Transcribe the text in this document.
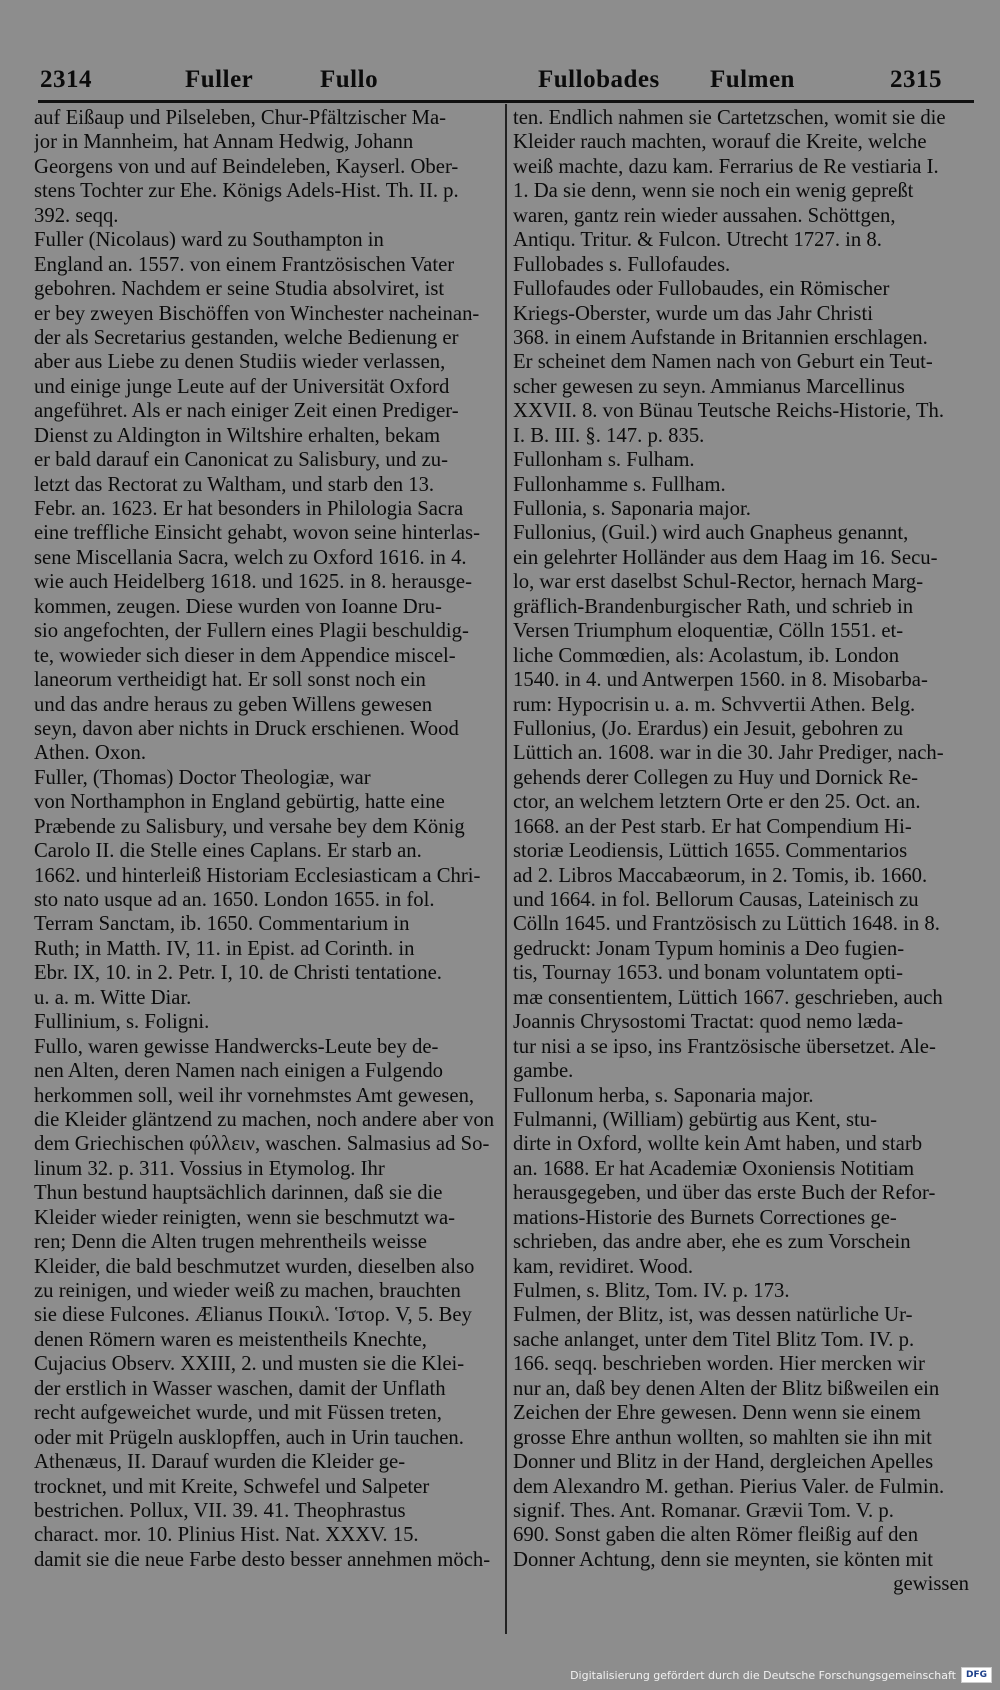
2314	Fuller	Fullo	Fullobades Fulmen	2315
auf Eißaup und Pilseleben, Chur-Pfältzischer Ma-
jor in Mannheim, hat Annam Hedwig, Johann
Georgens von und auf Beindeleben, Kayserl. Ober-
stens Tochter zur Ehe. Königs Adels-Hist. Th. II. p.
392. seqq.
Fuller (Nicolaus) ward zu Southampton in
England an. 1557. von einem Frantzösischen Vater
gebohren. Nachdem er seine Studia absolviret, ist
er bey zweyen Bischöffen von Winchester nacheinan-
der als Secretarius gestanden, welche Bedienung er
aber aus Liebe zu denen Studiis wieder verlassen,
und einige junge Leute auf der Universität Oxford
angeführet. Als er nach einiger Zeit einen Prediger-
Dienst zu Aldington in Wiltshire erhalten, bekam
er bald darauf ein Canonicat zu Salisbury, und zu-
letzt das Rectorat zu Waltham, und starb den 13.
Febr. an. 1623. Er hat besonders in Philologia Sacra
eine treffliche Einsicht gehabt, wovon seine hinterlas-
sene Miscellania Sacra, welch zu Oxford 1616. in 4.
wie auch Heidelberg 1618. und 1625. in 8. herausge-
kommen, zeugen. Diese wurden von Ioanne Dru-
sio angefochten, der Fullern eines Plagii beschuldig-
te, wowieder sich dieser in dem Appendice miscel-
laneorum vertheidigt hat. Er soll sonst noch ein
und das andre heraus zu geben Willens gewesen
seyn, davon aber nichts in Druck erschienen. Wood
Athen. Oxon.
Fuller, (Thomas) Doctor Theologiæ, war
von Northamphon in England gebürtig, hatte eine
Præbende zu Salisbury, und versahe bey dem König
Carolo II. die Stelle eines Caplans. Er starb an.
1662. und hinterleiß Historiam Ecclesiasticam a Chri-
sto nato usque ad an. 1650. London 1655. in fol.
Terram Sanctam, ib. 1650. Commentarium in
Ruth; in Matth. IV, 11. in Epist. ad Corinth. in
Ebr. IX, 10. in 2. Petr. I, 10. de Christi tentatione.
u. a. m. Witte Diar.
Fullinium, s. Foligni.
Fullo, waren gewisse Handwercks-Leute bey de-
nen Alten, deren Namen nach einigen a Fulgendo
herkommen soll, weil ihr vornehmstes Amt gewesen,
die Kleider gläntzend zu machen, noch andere aber von
dem Griechischen φύλλειν, waschen. Salmasius ad So-
linum 32. p. 311. Vossius in Etymolog. Ihr
Thun bestund hauptsächlich darinnen, daß sie die
Kleider wieder reinigten, wenn sie beschmutzt wa-
ren; Denn die Alten trugen mehrentheils weisse
Kleider, die bald beschmutzet wurden, dieselben also
zu reinigen, und wieder weiß zu machen, brauchten
sie diese Fulcones. Ælianus Ποικιλ. Ἱστορ. V, 5. Bey
denen Römern waren es meistentheils Knechte,
Cujacius Observ. XXIII, 2. und musten sie die Klei-
der erstlich in Wasser waschen, damit der Unflath
recht aufgeweichet wurde, und mit Füssen treten,
oder mit Prügeln ausklopffen, auch in Urin tauchen.
Athenæus, II. Darauf wurden die Kleider ge-
trocknet, und mit Kreite, Schwefel und Salpeter
bestrichen. Pollux, VII. 39. 41. Theophrastus
charact. mor. 10. Plinius Hist. Nat. XXXV. 15.
damit sie die neue Farbe desto besser annehmen möch-
ten. Endlich nahmen sie Cartetzschen, womit sie die
Kleider rauch machten, worauf die Kreite, welche
weiß machte, dazu kam. Ferrarius de Re vestiaria I.
1. Da sie denn, wenn sie noch ein wenig gepreßt
waren, gantz rein wieder aussahen. Schöttgen,
Antiqu. Tritur. & Fulcon. Utrecht 1727. in 8.
Fullobades s. Fullofaudes.
Fullofaudes oder Fullobaudes, ein Römischer
Kriegs-Oberster, wurde um das Jahr Christi
368. in einem Aufstande in Britannien erschlagen.
Er scheinet dem Namen nach von Geburt ein Teut-
scher gewesen zu seyn. Ammianus Marcellinus
XXVII. 8. von Bünau Teutsche Reichs-Historie, Th.
I. B. III. §. 147. p. 835.
Fullonham s. Fulham.
Fullonhamme s. Fullham.
Fullonia, s. Saponaria major.
Fullonius, (Guil.) wird auch Gnapheus genannt,
ein gelehrter Holländer aus dem Haag im 16. Secu-
lo, war erst daselbst Schul-Rector, hernach Marg-
gräflich-Brandenburgischer Rath, und schrieb in
Versen Triumphum eloquentiæ, Cölln 1551. et-
liche Commœdien, als: Acolastum, ib. London
1540. in 4. und Antwerpen 1560. in 8. Misobarba-
rum: Hypocrisin u. a. m. Schvvertii Athen. Belg.
Fullonius, (Jo. Erardus) ein Jesuit, gebohren zu
Lüttich an. 1608. war in die 30. Jahr Prediger, nach-
gehends derer Collegen zu Huy und Dornick Re-
ctor, an welchem letztern Orte er den 25. Oct. an.
1668. an der Pest starb. Er hat Compendium Hi-
storiæ Leodiensis, Lüttich 1655. Commentarios
ad 2. Libros Maccabæorum, in 2. Tomis, ib. 1660.
und 1664. in fol. Bellorum Causas, Lateinisch zu
Cölln 1645. und Frantzösisch zu Lüttich 1648. in 8.
gedruckt: Jonam Typum hominis a Deo fugien-
tis, Tournay 1653. und bonam voluntatem opti-
mæ consentientem, Lüttich 1667. geschrieben, auch
Joannis Chrysostomi Tractat: quod nemo læda-
tur nisi a se ipso, ins Frantzösische übersetzet. Ale-
gambe.
Fullonum herba, s. Saponaria major.
Fulmanni, (William) gebürtig aus Kent, stu-
dirte in Oxford, wollte kein Amt haben, und starb
an. 1688. Er hat Academiæ Oxoniensis Notitiam
herausgegeben, und über das erste Buch der Refor-
mations-Historie des Burnets Correctiones ge-
schrieben, das andre aber, ehe es zum Vorschein
kam, revidiret. Wood.
Fulmen, s. Blitz, Tom. IV. p. 173.
Fulmen, der Blitz, ist, was dessen natürliche Ur-
sache anlanget, unter dem Titel Blitz Tom. IV. p.
166. seqq. beschrieben worden. Hier mercken wir
nur an, daß bey denen Alten der Blitz bißweilen ein
Zeichen der Ehre gewesen. Denn wenn sie einem
grosse Ehre anthun wollten, so mahlten sie ihn mit
Donner und Blitz in der Hand, dergleichen Apelles
dem Alexandro M. gethan. Pierius Valer. de Fulmin.
signif. Thes. Ant. Romanar. Grævii Tom. V. p.
690. Sonst gaben die alten Römer fleißig auf den
Donner Achtung, denn sie meynten, sie könten mit
gewissen
Digitalisierung gefördert durch die Deutsche Forschungsgemeinschaft	DFG
